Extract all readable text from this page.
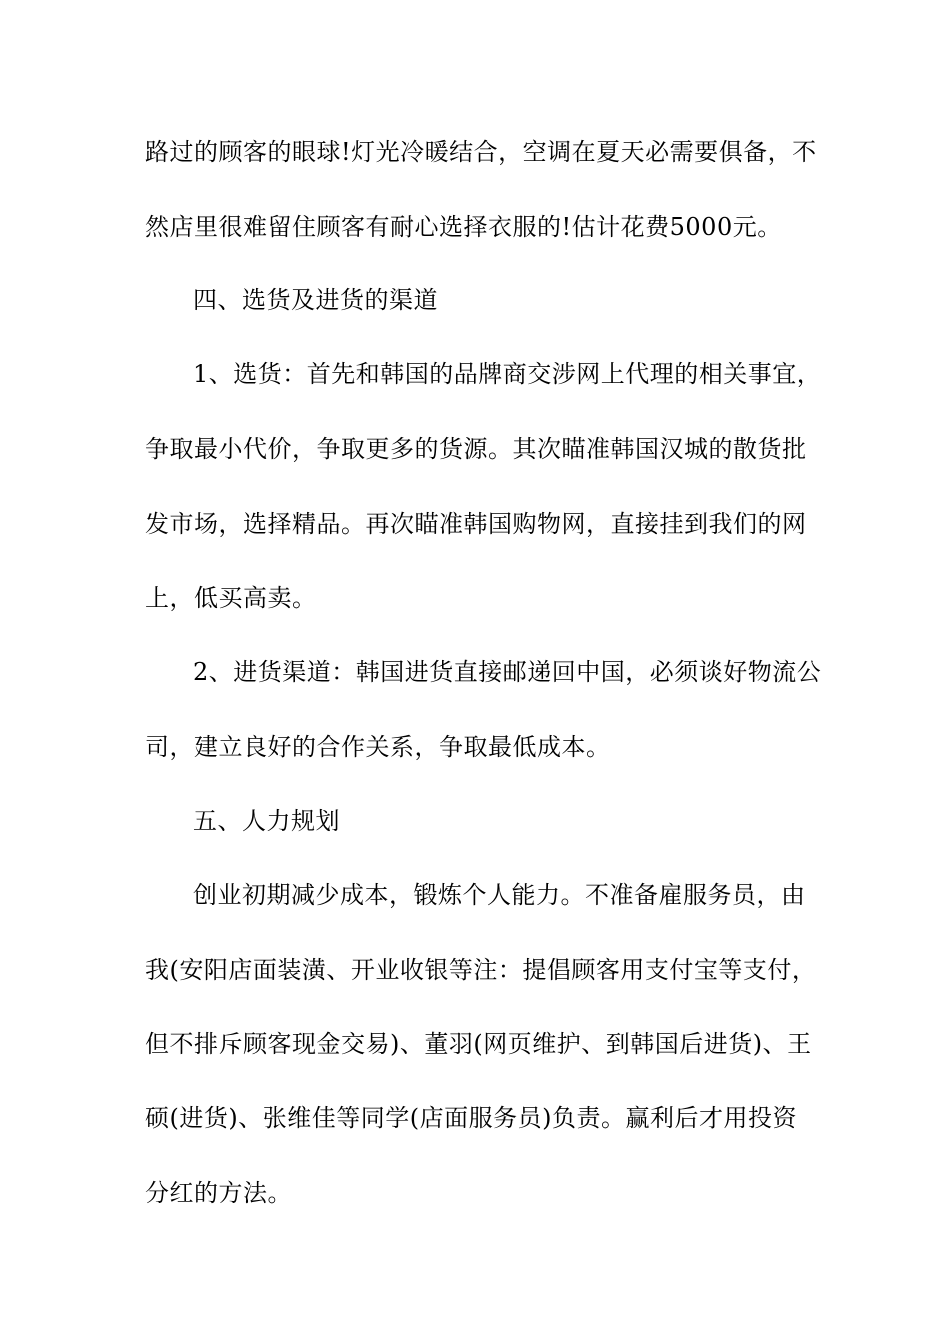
路过的顾客的眼球!灯光冷暖结合，空调在夏天必需要俱备，不
然店里很难留住顾客有耐心选择衣服的!估计花费5000元。
四、选货及进货的渠道
1、选货：首先和韩国的品牌商交涉网上代理的相关事宜，
争取最小代价，争取更多的货源。其次瞄准韩国汉城的散货批
发市场，选择精品。再次瞄准韩国购物网，直接挂到我们的网
上，低买高卖。
2、进货渠道：韩国进货直接邮递回中国，必须谈好物流公
司，建立良好的合作关系，争取最低成本。
五、人力规划
创业初期减少成本，锻炼个人能力。不准备雇服务员，由
我(安阳店面装潢、开业收银等注：提倡顾客用支付宝等支付，
但不排斥顾客现金交易)、董羽(网页维护、到韩国后进货)、王
硕(进货)、张维佳等同学(店面服务员)负责。赢利后才用投资
分红的方法。
